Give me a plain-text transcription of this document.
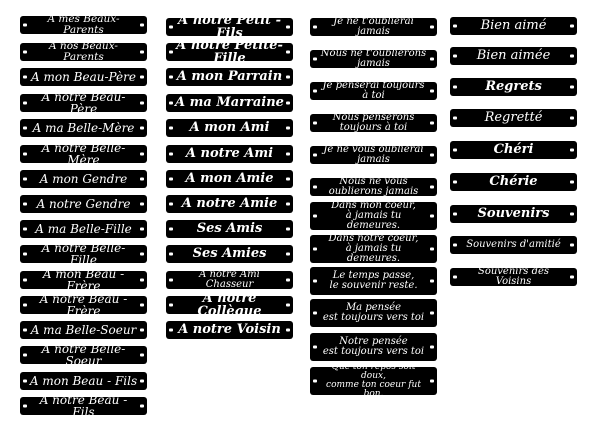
A mes Beaux-Parents
A nos Beaux-Parents
A mon Beau-Père
A notre Beau-Père
A ma Belle-Mère
A notre Belle-Mère
A mon Gendre
A notre Gendre
A ma Belle-Fille
A notre Belle-Fille
A mon Beau - Frère
A notre Beau - Frère
A ma Belle-Soeur
A notre Belle-Soeur
A mon Beau - Fils
A notre Beau - Fils
A notre Petit - Fils
A notre Petite-Fille
A mon Parrain
A ma Marraine
A mon Ami
A notre Ami
A mon Amie
A notre Amie
Ses Amis
Ses Amies
A notre Ami Chasseur
A notre Collègue
A notre Voisin
Je ne t'oublierai jamais
Nous ne t'oublierons jamais
Je penserai toujours à toi
Nous penserons toujours à toi
Je ne vous oublierai jamais
Nous ne vous oublierons jamais
Dans mon coeur,
à jamais tu demeures.
Dans notre coeur,
à jamais tu demeures.
Le temps passe,
le souvenir reste.
Ma pensée
est toujours vers toi
Notre pensée
est toujours vers toi
Que ton repos soit doux,
comme ton coeur fut bon.
Bien aimé
Bien aimée
Regrets
Regretté
Chéri
Chérie
Souvenirs
Souvenirs d'amitié
Souvenirs des Voisins
